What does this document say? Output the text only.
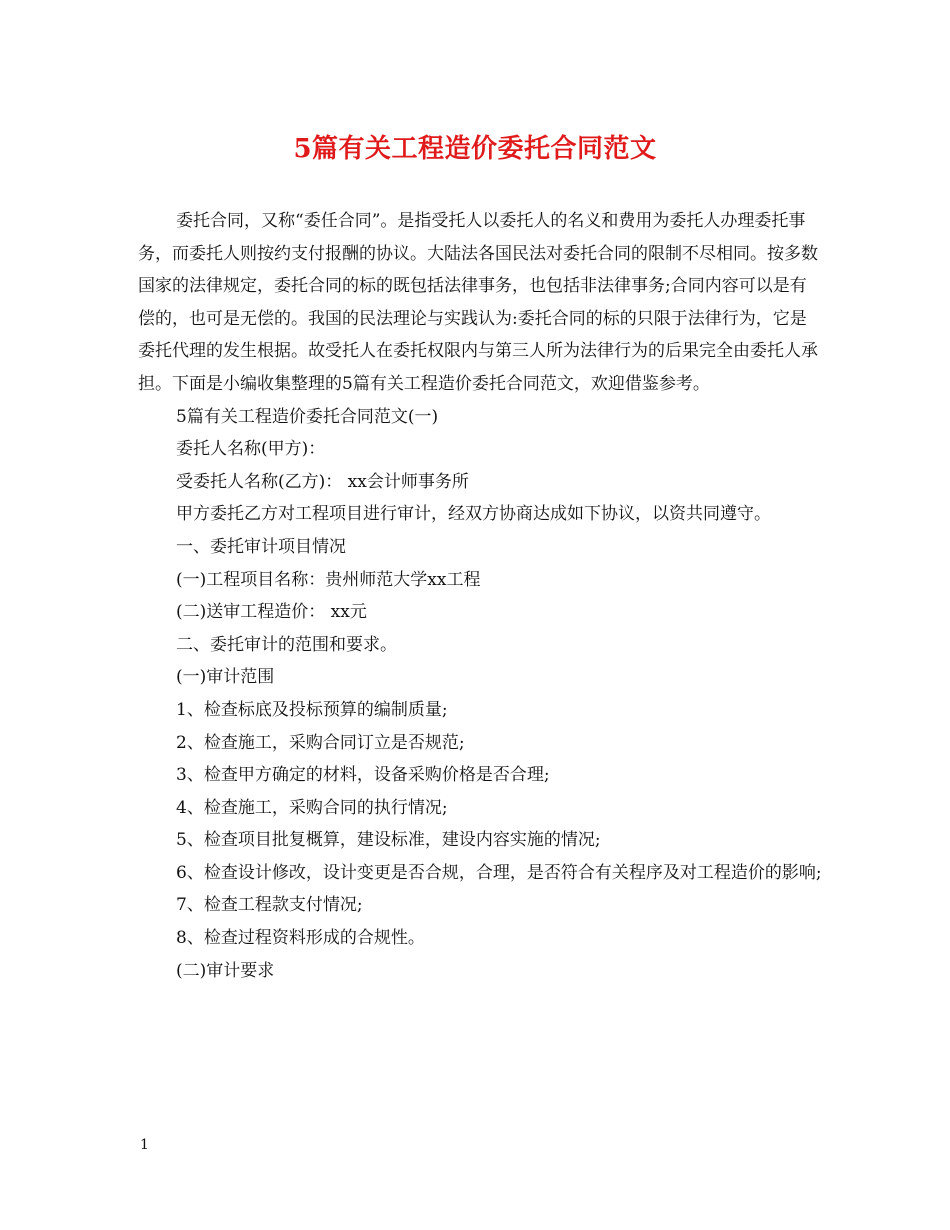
5篇有关工程造价委托合同范文

委托合同，又称“委任合同”。是指受托人以委托人的名义和费用为委托人办理委托事务，而委托人则按约支付报酬的协议。大陆法各国民法对委托合同的限制不尽相同。按多数国家的法律规定，委托合同的标的既包括法律事务，也包括非法律事务;合同内容可以是有偿的，也可是无偿的。我国的民法理论与实践认为:委托合同的标的只限于法律行为，它是委托代理的发生根据。故受托人在委托权限内与第三人所为法律行为的后果完全由委托人承担。下面是小编收集整理的5篇有关工程造价委托合同范文，欢迎借鉴参考。

5篇有关工程造价委托合同范文(一)

委托人名称(甲方)：

受委托人名称(乙方)： xx会计师事务所

甲方委托乙方对工程项目进行审计，经双方协商达成如下协议，以资共同遵守。

一、委托审计项目情况

(一)工程项目名称：贵州师范大学xx工程

(二)送审工程造价： xx元

二、委托审计的范围和要求。

(一)审计范围

1、检查标底及投标预算的编制质量;

2、检查施工，采购合同订立是否规范;

3、检查甲方确定的材料，设备采购价格是否合理;

4、检查施工，采购合同的执行情况;

5、检查项目批复概算，建设标准，建设内容实施的情况;

6、检查设计修改，设计变更是否合规，合理，是否符合有关程序及对工程造价的影响;

7、检查工程款支付情况;

8、检查过程资料形成的合规性。

(二)审计要求

1
